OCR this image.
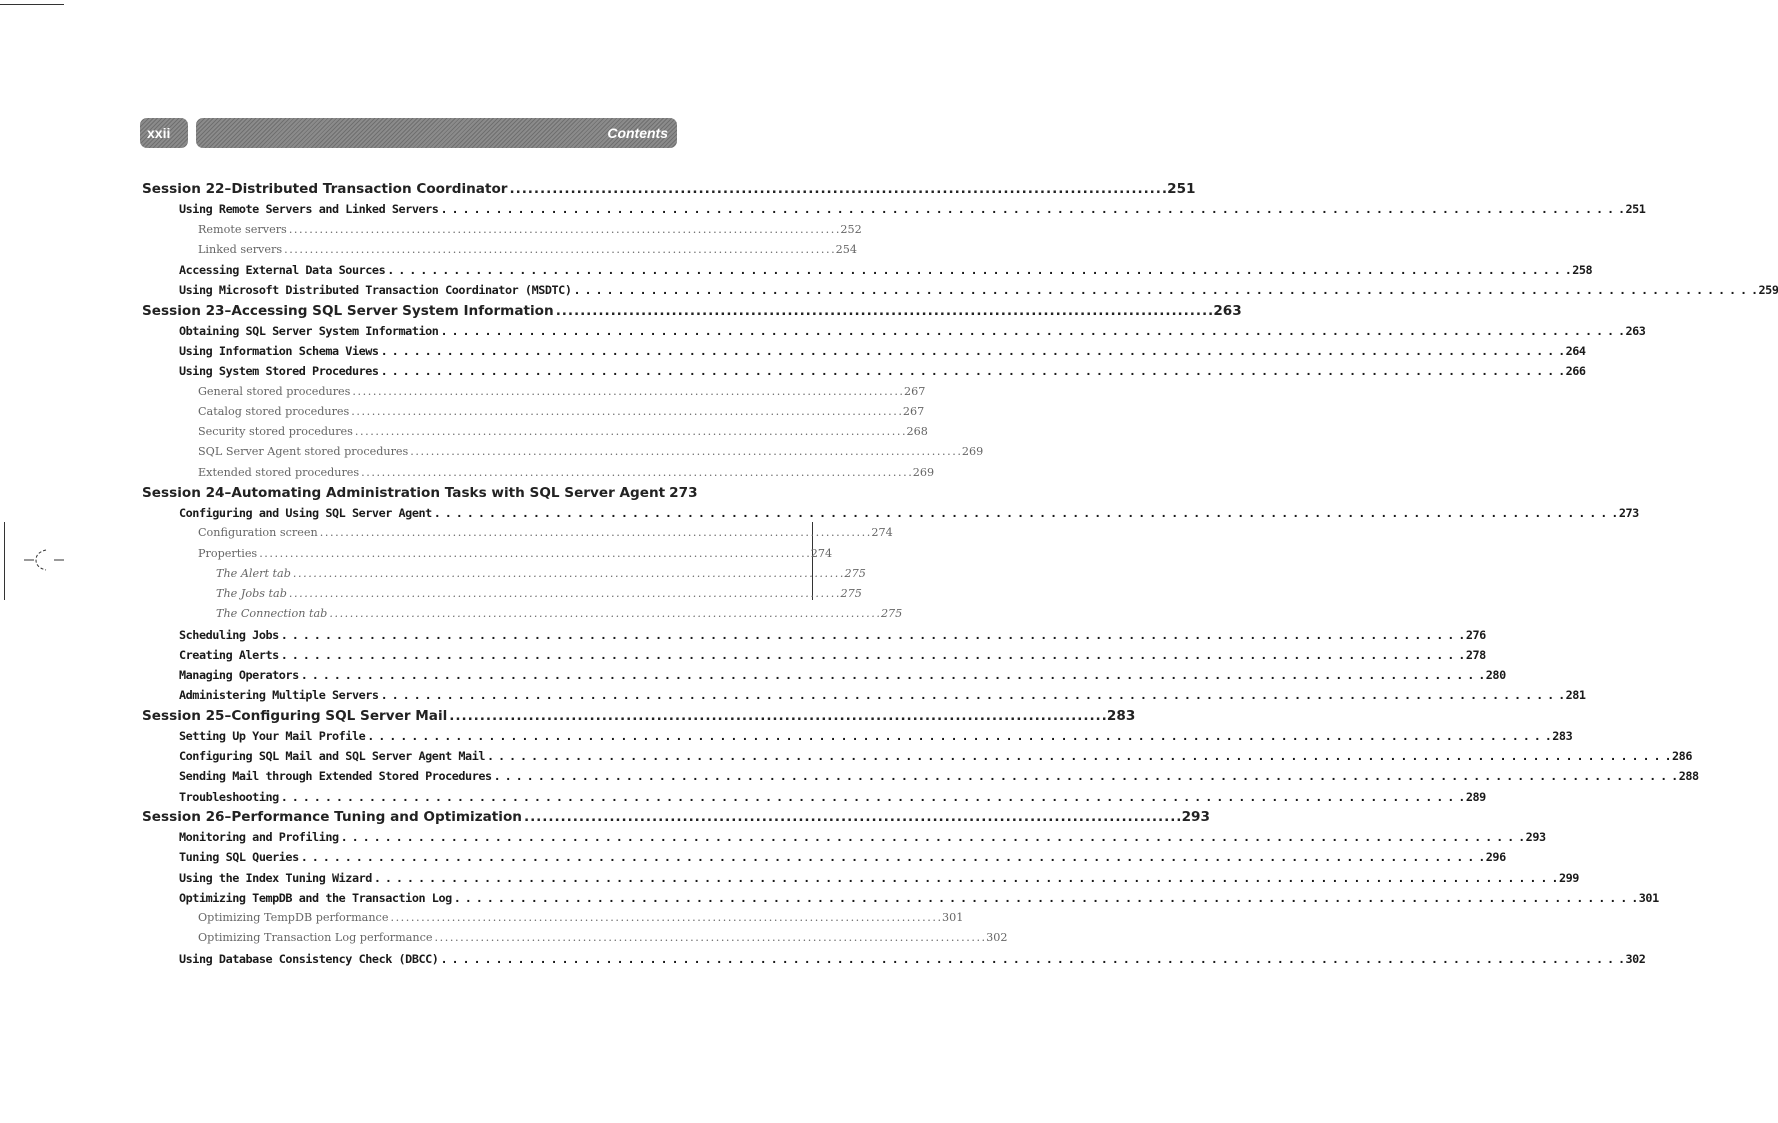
xxii	Contents
Session 22–Distributed Transaction Coordinator . . .	251
Using Remote Servers and Linked Servers . . .	251
Remote servers . . .	252
Linked servers . . .	254
Accessing External Data Sources . . .	258
Using Microsoft Distributed Transaction Coordinator (MSDTC) . . .	259
Session 23–Accessing SQL Server System Information . . .	263
Obtaining SQL Server System Information . . .	263
Using Information Schema Views . . .	264
Using System Stored Procedures . . .	266
General stored procedures . . .	267
Catalog stored procedures . . .	267
Security stored procedures . . .	268
SQL Server Agent stored procedures . . .	269
Extended stored procedures . . .	269
Session 24–Automating Administration Tasks with SQL Server Agent 273
Configuring and Using SQL Server Agent . . .	273
Configuration screen . . .	274
Properties . . .	274
The Alert tab . . .	275
The Jobs tab . . .	275
The Connection tab . . .	275
Scheduling Jobs . . .	276
Creating Alerts . . .	278
Managing Operators . . .	280
Administering Multiple Servers . . .	281
Session 25–Configuring SQL Server Mail . . .	283
Setting Up Your Mail Profile . . .	283
Configuring SQL Mail and SQL Server Agent Mail . . .	286
Sending Mail through Extended Stored Procedures . . .	288
Troubleshooting . . .	289
Session 26–Performance Tuning and Optimization . . .	293
Monitoring and Profiling . . .	293
Tuning SQL Queries . . .	296
Using the Index Tuning Wizard . . .	299
Optimizing TempDB and the Transaction Log . . .	301
Optimizing TempDB performance . . .	301
Optimizing Transaction Log performance . . .	302
Using Database Consistency Check (DBCC) . . .	302
